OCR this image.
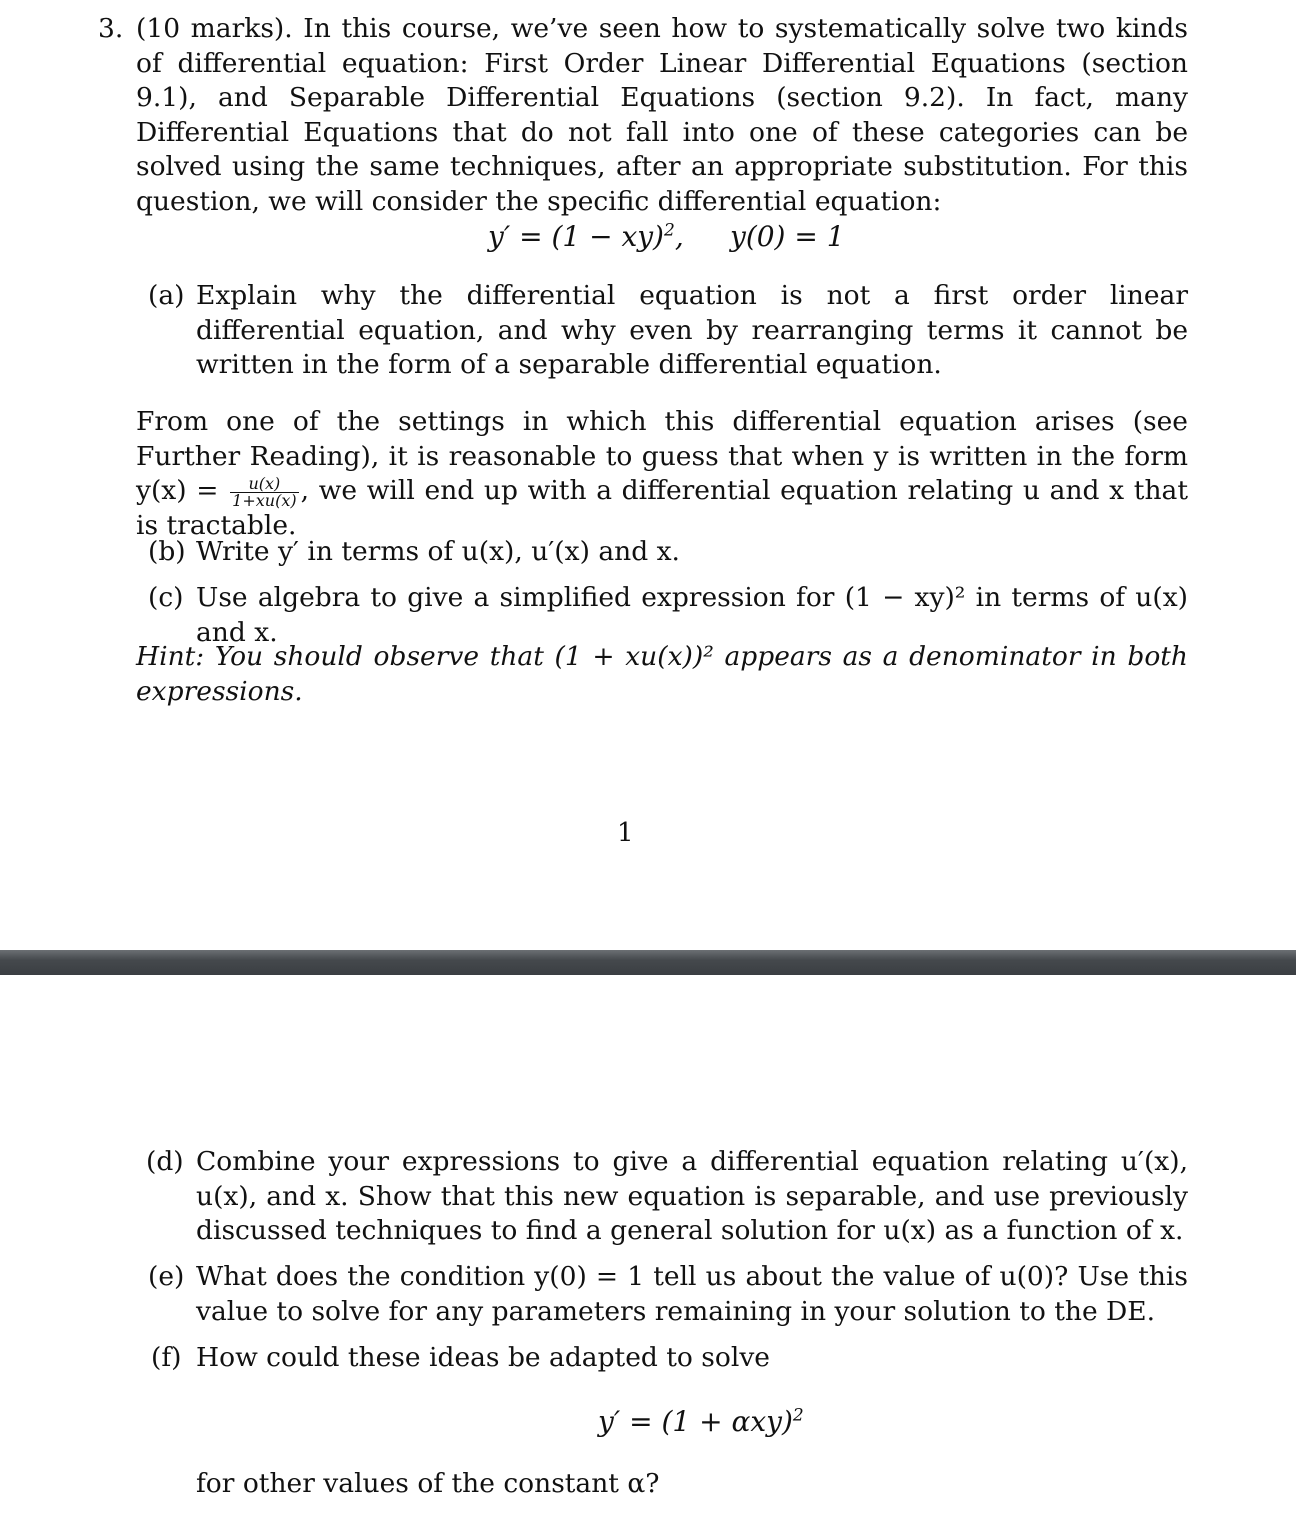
3. (10 marks). In this course, we’ve seen how to systematically solve two kinds of differential equation: First Order Linear Differential Equations (section 9.1), and Separable Differential Equations (section 9.2). In fact, many Differential Equations that do not fall into one of these categories can be solved using the same techniques, after an appropriate substitution. For this question, we will consider the specific differential equation:

y′ = (1 − xy)$^2$, y(0) = 1
(a) Explain why the differential equation is not a first order linear differential equation, and why even by rearranging terms it cannot be written in the form of a separable differential equation.

From one of the settings in which this differential equation arises (see Further Reading), it is reasonable to guess that when y is written in the form $y(x) = \frac{u(x)}{1+xu(x)}$ , we will end up with a differential equation relating u and x that is tractable.

(b) Write y′ in terms of u(x), u′(x) and x.

(c) Use algebra to give a simplified expression for (1 − xy)² in terms of u(x) and x.

Hint: You should observe that (1 + xu(x))² appears as a denominator in both expressions.

1
(d) Combine your expressions to give a differential equation relating u′(x), u(x), and x. Show that this new equation is separable, and use previously discussed techniques to find a general solution for u(x) as a function of x.

(e) What does the condition y(0) = 1 tell us about the value of u(0)? Use this value to solve for any parameters remaining in your solution to the DE.

(f) How could these ideas be adapted to solve

$y' = (1 + \alpha xy)^2$

for other values of the constant α?
